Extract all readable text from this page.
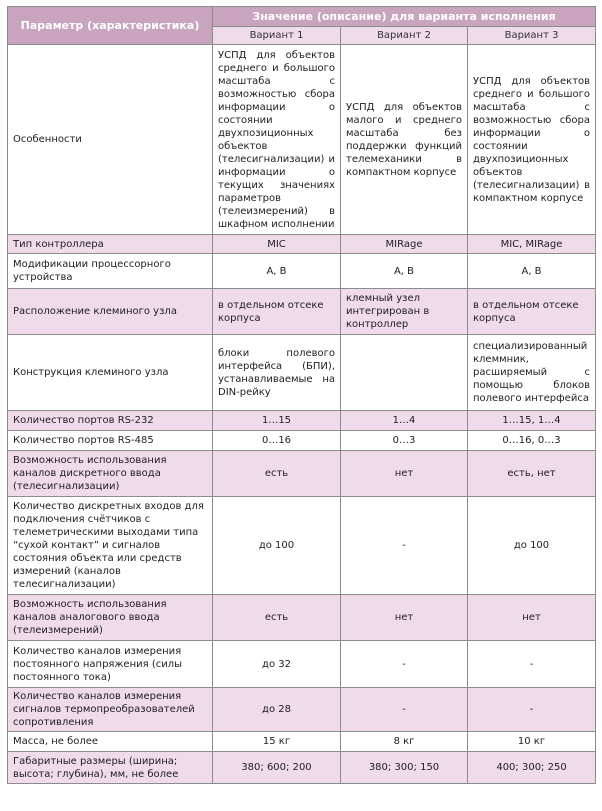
Параметр (характеристика)	Значение (описание) для варианта исполнения		
	Вариант 1	Вариант 2	Вариант 3
Особенности	УСПД для объектов среднего и большого масштаба с возможностью сбора информации о состоянии двухпозиционных объектов (телесигнализации) и информации о текущих значениях параметров (телеизмерений) в шкафном исполнении	УСПД для объектов малого и среднего масштаба без поддержки функций телемеханики в компактном корпусе	УСПД для объектов среднего и большого масштаба с возможностью сбора информации о состоянии двухпозиционных объектов (телесигнализации) в компактном корпусе
Тип контроллера	MIC	MIRage	MIC, MIRage
Модификации процессорного устройства	A, B	A, B	A, B
Расположение клеминого узла	в отдельном отсеке корпуса	клемный узел интегрирован в контроллер	в отдельном отсеке корпуса
Конструкция клеминого узла	блоки полевого интерфейса (БПИ), устанавливаемые на DIN-рейку		специализированный клеммник, расширяемый с помощью блоков полевого интерфейса
Количество портов RS-232	1…15	1…4	1…15, 1…4
Количество портов RS-485	0…16	0…3	0…16, 0…3
Возможность использования каналов дискретного ввода (телесигнализации)	есть	нет	есть, нет
Количество дискретных входов для подключения счётчиков с телеметрическими выходами типа “сухой контакт” и сигналов состояния объекта или средств измерений (каналов телесигнализации)	до 100	-	до 100
Возможность использования каналов аналогового ввода (телеизмерений)	есть	нет	нет
Количество каналов измерения постоянного напряжения (силы постоянного тока)	до 32	-	-
Количество каналов измерения сигналов термопреобразователей сопротивления	до 28	-	-
Масса, не более	15 кг	8 кг	10 кг
Габаритные размеры (ширина; высота; глубина), мм, не более	380; 600; 200	380; 300; 150	400; 300; 250
